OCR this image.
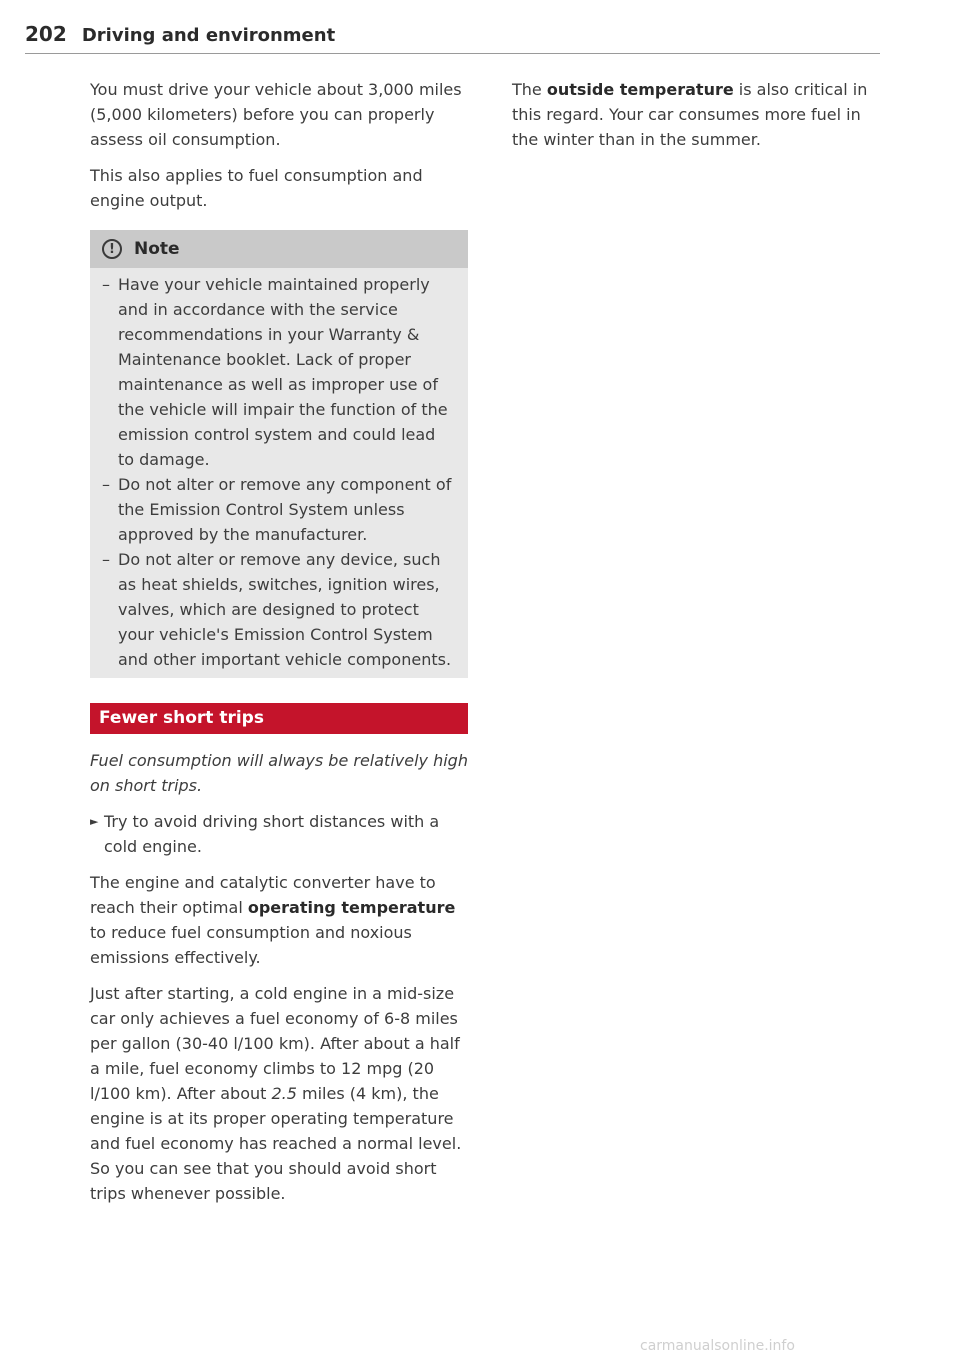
202 Driving and environment

You must drive your vehicle about 3,000 miles (5,000 kilometers) before you can properly assess oil consumption.

This also applies to fuel consumption and engine output.

!	Note
– Have your vehicle maintained properly and in accordance with the service recommendations in your Warranty & Maintenance booklet. Lack of proper maintenance as well as improper use of the vehicle will impair the function of the emission control system and could lead to damage.
– Do not alter or remove any component of the Emission Control System unless approved by the manufacturer.
– Do not alter or remove any device, such as heat shields, switches, ignition wires, valves, which are designed to protect your vehicle's Emission Control System and other important vehicle components.
Fewer short trips

Fuel consumption will always be relatively high on short trips.

► Try to avoid driving short distances with a cold engine.

The engine and catalytic converter have to reach their optimal operating temperature to reduce fuel consumption and noxious emissions effectively.

Just after starting, a cold engine in a mid-size car only achieves a fuel economy of 6-8 miles per gallon (30-40 l/100 km). After about a half a mile, fuel economy climbs to 12 mpg (20 l/100 km). After about 2.5 miles (4 km), the engine is at its proper operating temperature and fuel economy has reached a normal level. So you can see that you should avoid short trips whenever possible.

The outside temperature is also critical in this regard. Your car consumes more fuel in the winter than in the summer.

carmanualsonline.info
